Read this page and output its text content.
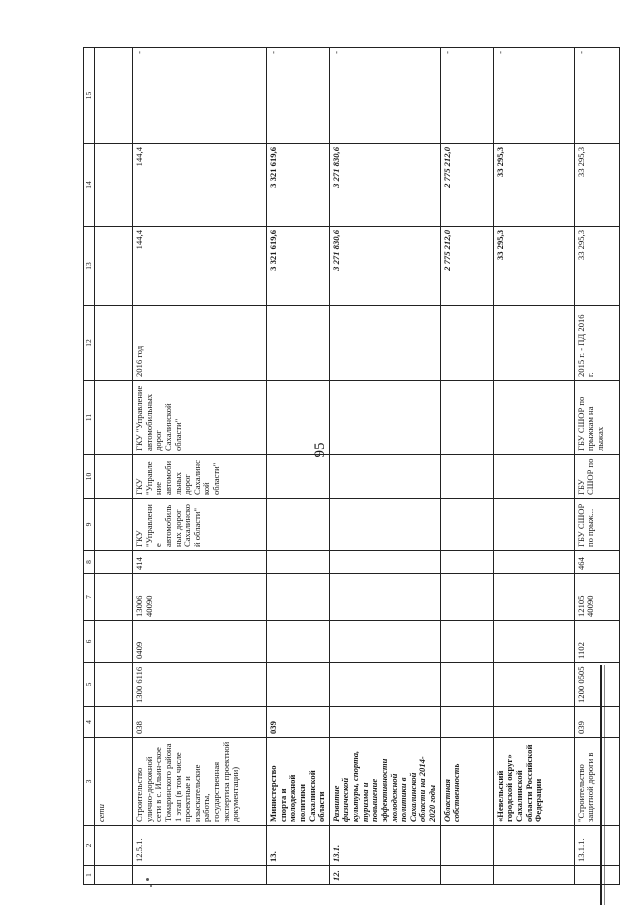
95
1	2	3	4	5	6	7	8	9	10	11	12	13	14	15
		сети												
	12.5.1.	Строительство улично-дорожной сети в с. Ильин-ское Томаринского района 1 этап (в том числе проектные и изыскательские работы, государственная экспертиза проектной документации)	038	1300 6116	0409	13006 40090	414	ГКУ "Управление автомобильных дорог Сахалинской области"	ГКУ "Управление автомобильных дорог Сахалинской области"	ГКУ "Управление автомобильных дорог Сахалинской области"	2016 год	144,4	144,4	-
	13.	Министерство спорта и молодежной политики Сахалинской области	039									3 321 619,6	3 321 619,6	-
12.	13.1.	Развитие физической культуры, спорта, туризма и повышение эффективности молодежной политики в Сахалинской области на 2014-2020 годы										3 271 830,6	3 271 830,6	-
		Областная собственность										2 775 212,0	2 775 212,0	-
		«Невельский городской округ» Сахалинской области Российской Федерации										33 295,3	33 295,3	-
	13.1.1.	"Строительство защитной дороги в	039	1200 0505	1102	12105 40090	464	ГБУ СШОР по прыж...	ГБУ СШОР по	ГБУ СШОР по прыжкам на лыжах	2015 г. - ПД 2016 г.	33 295,3	33 295,3	-
